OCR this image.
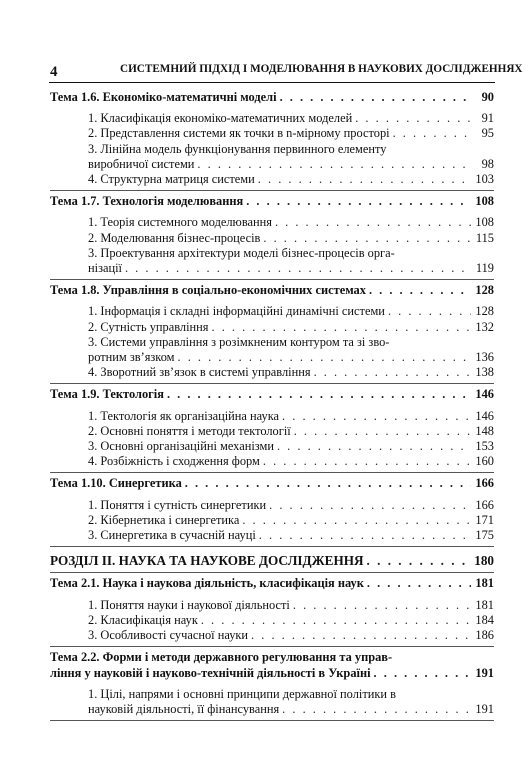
4	СИСТЕМНИЙ ПІДХІД І МОДЕЛЮВАННЯ В НАУКОВИХ ДОСЛІДЖЕННЯХ
Тема 1.6. Економіко-математичні моделі . . .	90
1. Класифікація економіко-математичних моделей . . .	91
2. Представлення системи як точки в n-мірному просторі . . .	95
3. Лінійна модель функціонування первинного елементу
виробничої системи . . .	98
4. Структурна матриця системи . . .	103
Тема 1.7. Технологія моделювання . . .	108
1. Теорія системного моделювання . . .	108
2. Моделювання бізнес-процесів . . .	115
3. Проектування архітектури моделі бізнес-процесів орга-
нізації . . .	119
Тема 1.8. Управління в соціально-економічних системах . . .	128
1. Інформація і складні інформаційні динамічні системи . . .	128
2. Сутність управління . . .	132
3. Системи управління з розімкненим контуром та зі зво-
ротним зв’язком . . .	136
4. Зворотний зв’язок в системі управління . . .	138
Тема 1.9. Тектологія . . .	146
1. Тектологія як організаційна наука . . .	146
2. Основні поняття і методи тектології . . .	148
3. Основні організаційні механізми . . .	153
4. Розбіжність і сходження форм . . .	160
Тема 1.10. Синергетика . . .	166
1. Поняття і сутність синергетики . . .	166
2. Кібернетика і синергетика . . .	171
3. Синергетика в сучасній науці . . .	175
РОЗДІЛ ІІ. НАУКА ТА НАУКОВЕ ДОСЛІДЖЕННЯ . . .	180
Тема 2.1. Наука і наукова діяльність, класифікація наук . . .	181
1. Поняття науки і наукової діяльності . . .	181
2. Класифікація наук . . .	184
3. Особливості сучасної науки . . .	186
Тема 2.2. Форми і методи державного регулювання та управ-
ління у науковій і науково-технічній діяльності в Україні . . .	191
1. Цілі, напрями і основні принципи державної політики в
науковій діяльності, її фінансування . . .	191
